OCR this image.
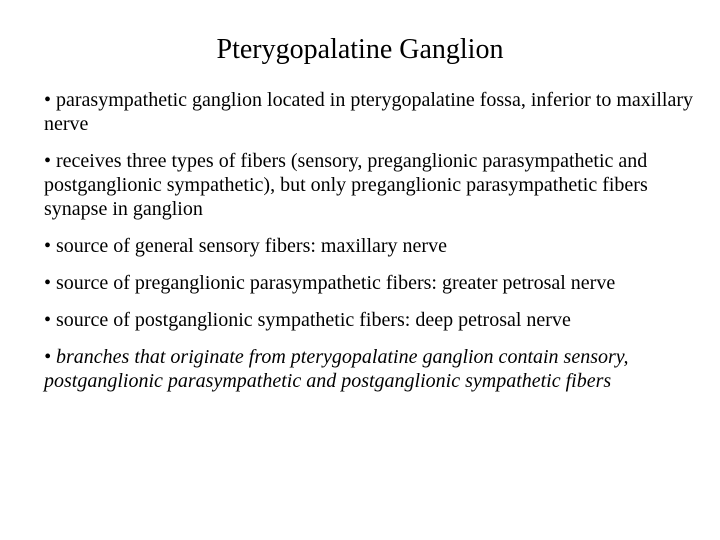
Pterygopalatine Ganglion
• parasympathetic ganglion located in pterygopalatine fossa, inferior to maxillary nerve
• receives three types of fibers (sensory, preganglionic parasympathetic and postganglionic sympathetic), but only preganglionic parasympathetic fibers synapse in ganglion
• source of general sensory fibers: maxillary nerve
• source of preganglionic parasympathetic fibers: greater petrosal nerve
• source of postganglionic sympathetic fibers: deep petrosal nerve
• branches that originate from pterygopalatine ganglion contain sensory, postganglionic parasympathetic and postganglionic sympathetic fibers
